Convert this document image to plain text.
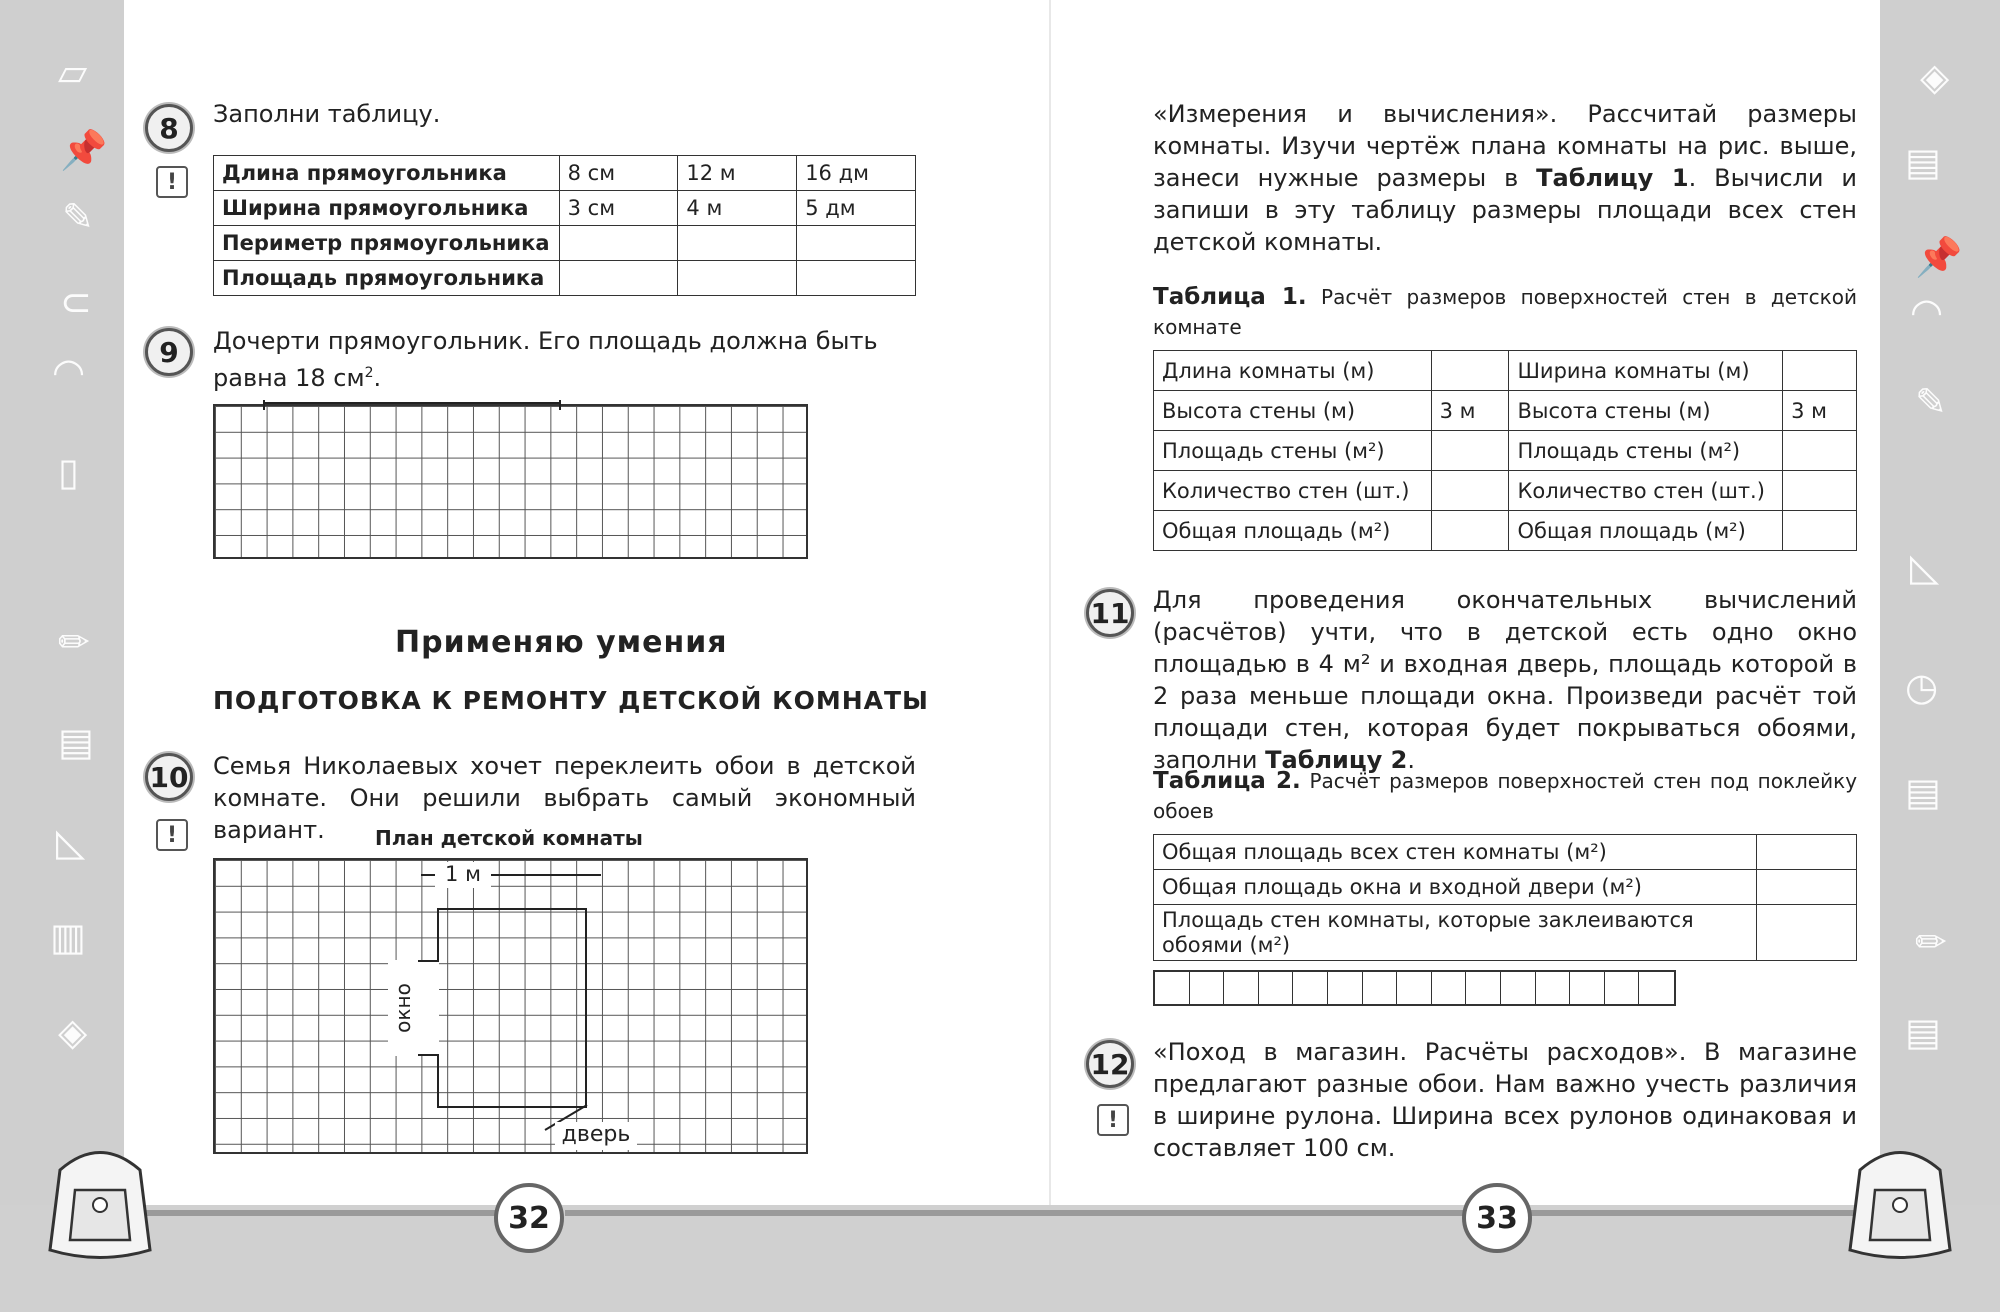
▱
📌
✎
⊂
◠
▯
✏
▤
◺
▥
◈
◈
▤
📌
◠
✎
◺
◷
▤
✏
▤
8
!
Заполни таблицу.
Длина прямоугольника	8 см	12 м	16 дм
Ширина прямоугольника	3 см	4 м	5 дм
Периметр прямоугольника			
Площадь прямоугольника			
9	Дочерти прямоугольник. Его площадь должна быть
равна 18 $см^2$.
Применяю умения
ПОДГОТОВКА К РЕМОНТУ ДЕТСКОЙ КОМНАТЫ
10
!
Семья Николаевых хочет переклеить обои в детской комнате. Они решили выбрать самый экономный вариант.	План детской комнаты
окно
1 м
дверь
32
«Измерения и вычисления». Рассчитай размеры комнаты. Изучи чертёж плана комнаты на рис. выше, занеси нужные размеры в Таблицу 1. Вычисли и запиши в эту таблицу размеры площади всех стен детской комнаты.
Таблица 1. Расчёт размеров поверхностей стен в детской комнате
Длина комнаты (м)		Ширина комнаты (м)	
Высота стены (м)	3 м	Высота стены (м)	3 м
Площадь стены (м²)		Площадь стены (м²)	
Количество стен (шт.)		Количество стен (шт.)	
Общая площадь (м²)		Общая площадь (м²)	
11 Для проведения окончательных вычислений (расчётов) учти, что в детской есть одно окно площадью в 4 м² и входная дверь, площадь которой в 2 раза меньше площади окна. Произведи расчёт той площади стен, которая будет покрываться обоями, заполни Таблицу 2.
Таблица 2. Расчёт размеров поверхностей стен под поклейку обоев
Общая площадь всех стен комнаты (м²)	
Общая площадь окна и входной двери (м²)	
Площадь стен комнаты, которые заклеиваются обоями (м²)	
12
!
«Поход в магазин. Расчёты расходов». В магазине предлагают разные обои. Нам важно учесть различия в ширине рулона. Ширина всех рулонов одинаковая и составляет 100 см.
33
